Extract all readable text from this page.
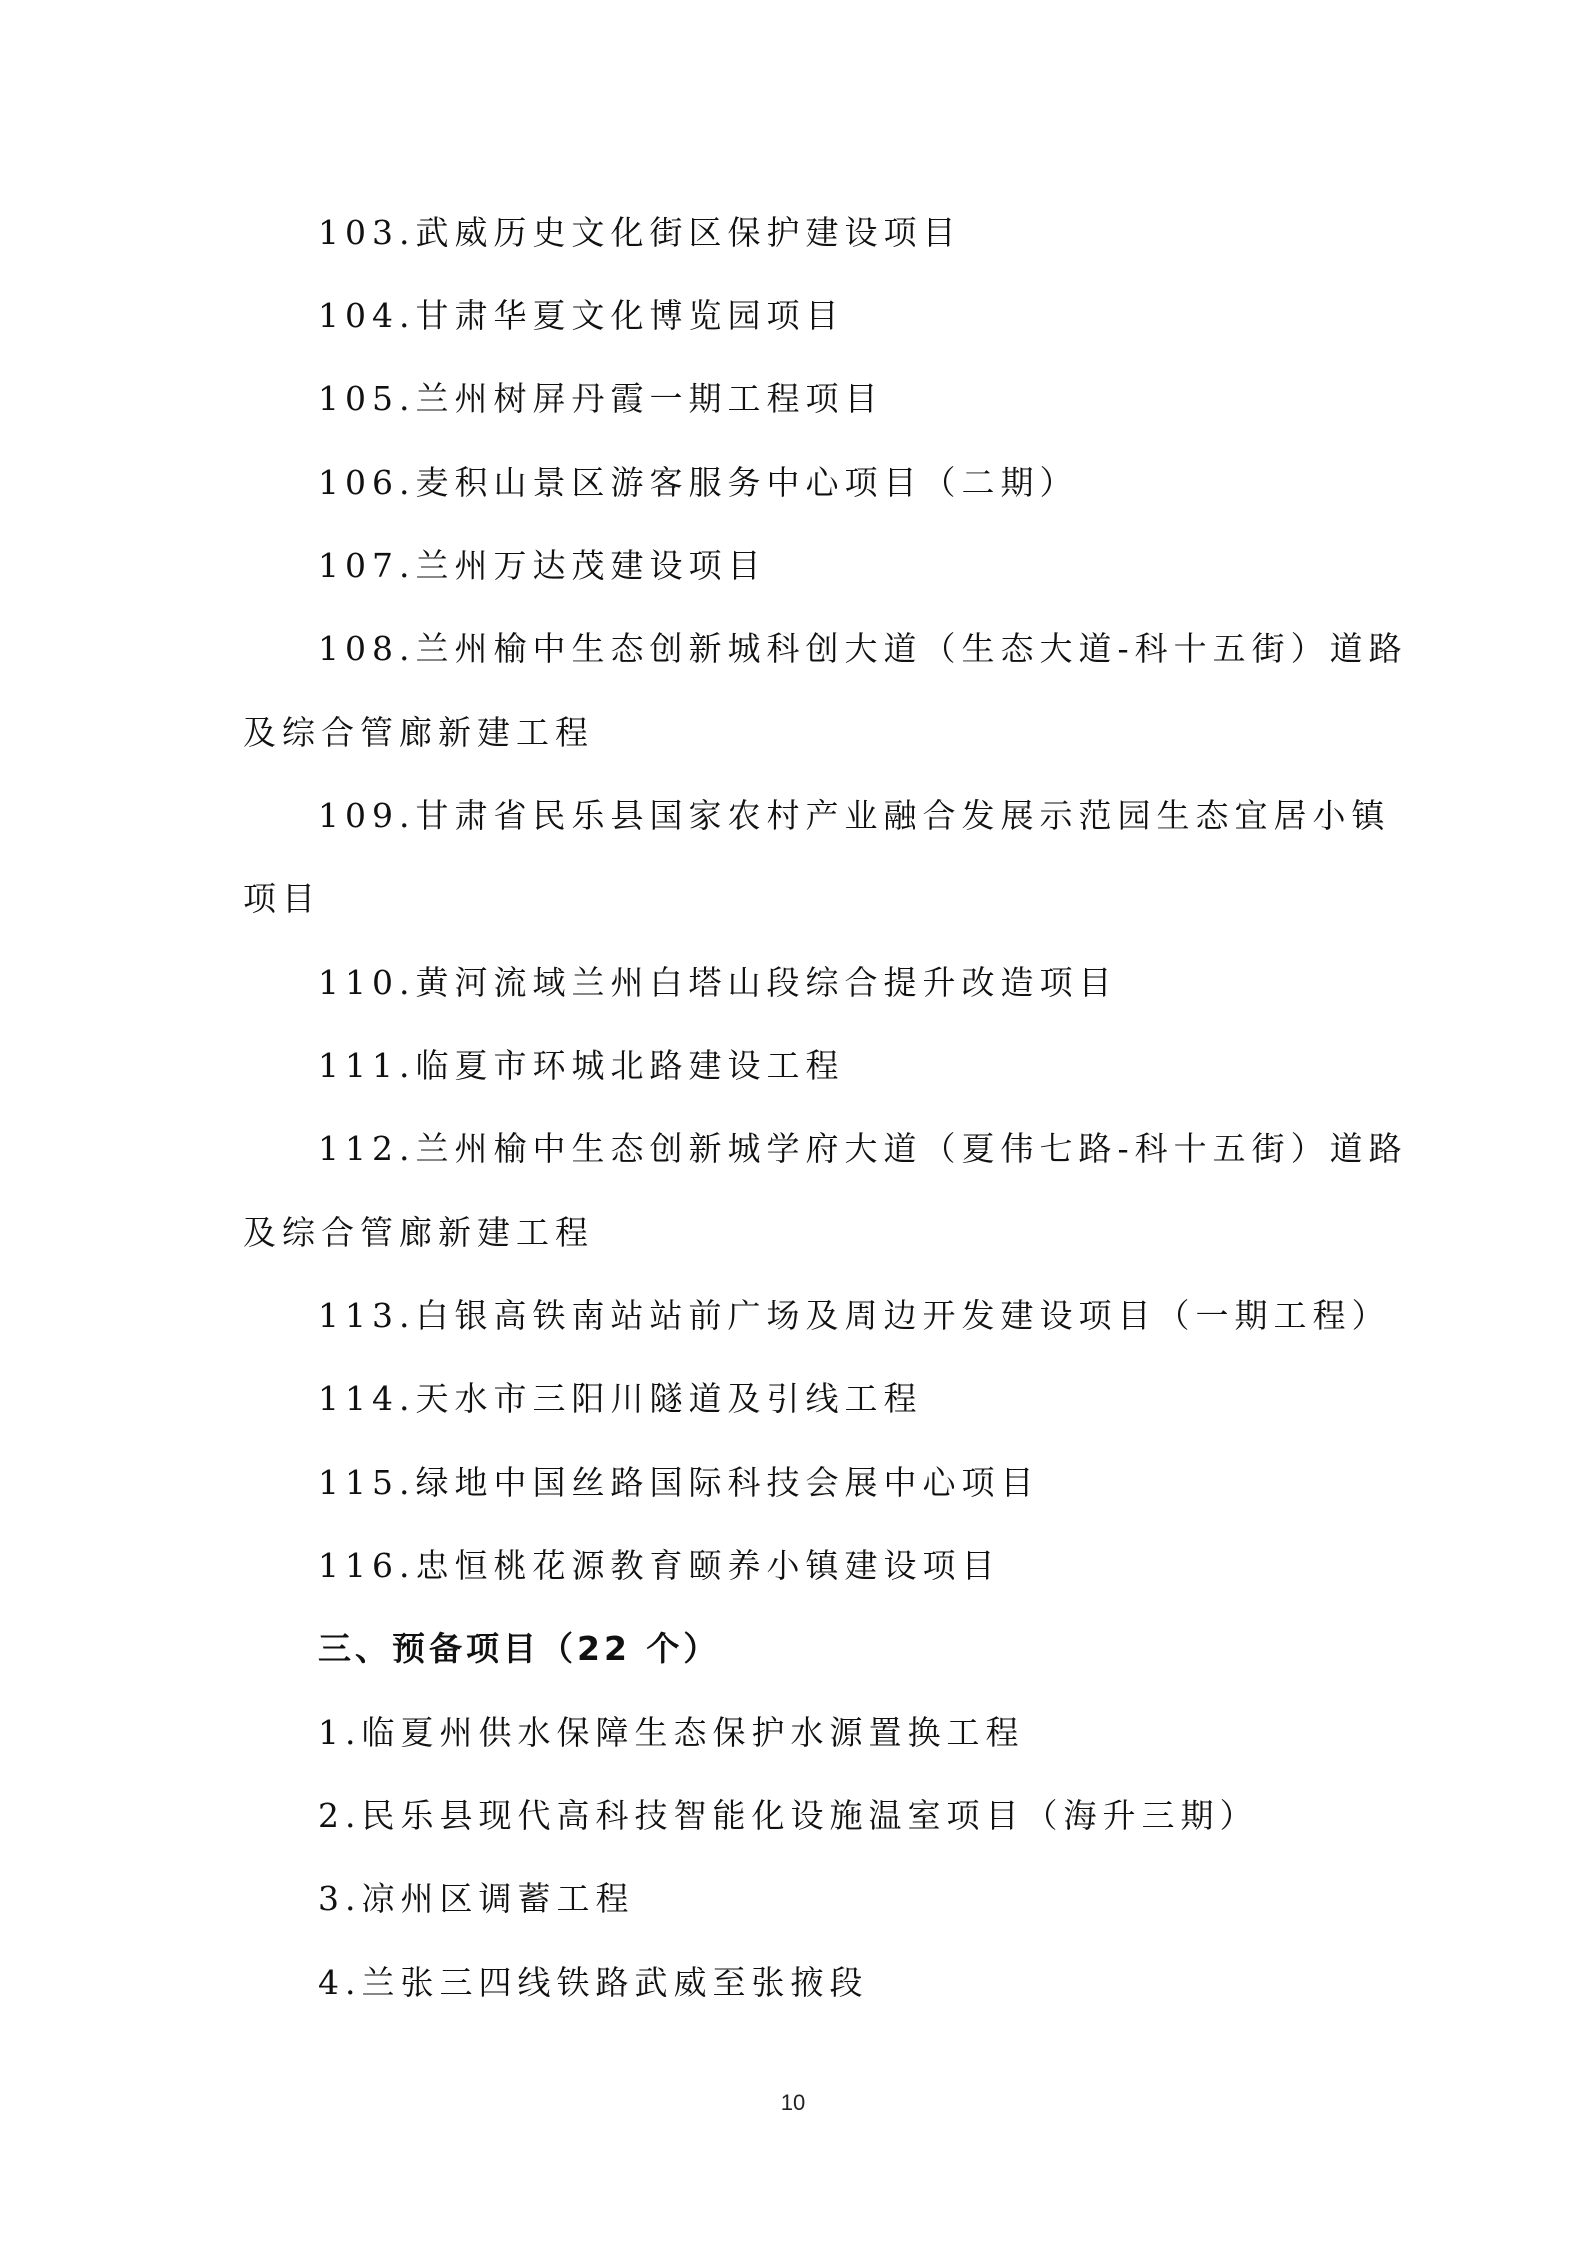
103.武威历史文化街区保护建设项目
104.甘肃华夏文化博览园项目
105.兰州树屏丹霞一期工程项目
106.麦积山景区游客服务中心项目（二期）
107.兰州万达茂建设项目
108.兰州榆中生态创新城科创大道（生态大道-科十五街）道路
及综合管廊新建工程
109.甘肃省民乐县国家农村产业融合发展示范园生态宜居小镇
项目
110.黄河流域兰州白塔山段综合提升改造项目
111.临夏市环城北路建设工程
112.兰州榆中生态创新城学府大道（夏伟七路-科十五街）道路
及综合管廊新建工程
113.白银高铁南站站前广场及周边开发建设项目（一期工程）
114.天水市三阳川隧道及引线工程
115.绿地中国丝路国际科技会展中心项目
116.忠恒桃花源教育颐养小镇建设项目
三、预备项目（22 个）
1.临夏州供水保障生态保护水源置换工程
2.民乐县现代高科技智能化设施温室项目（海升三期）
3.凉州区调蓄工程
4.兰张三四线铁路武威至张掖段
10
